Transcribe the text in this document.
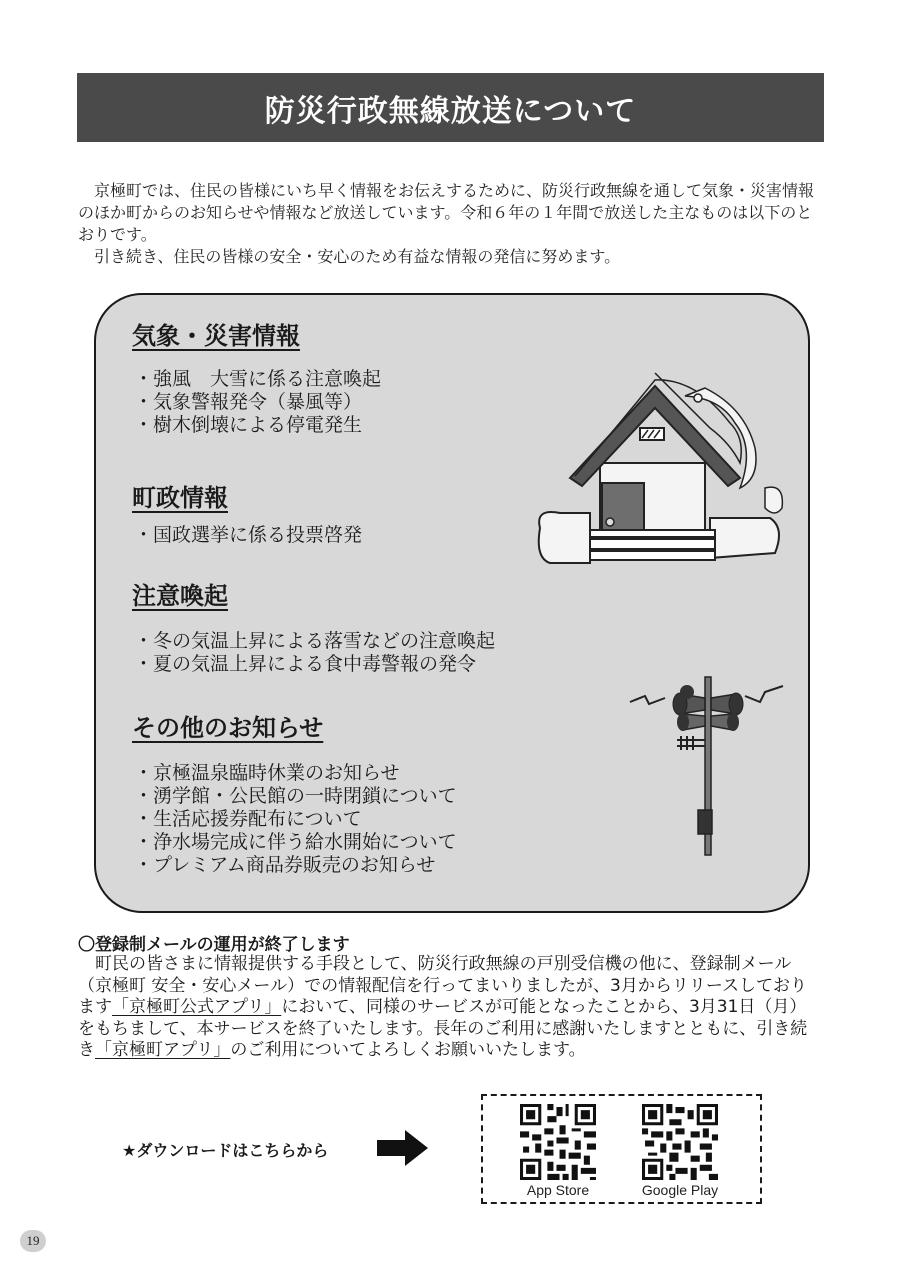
防災行政無線放送について

京極町では、住民の皆様にいち早く情報をお伝えするために、防災行政無線を通して気象・災害情報のほか町からのお知らせや情報など放送しています。令和６年の１年間で放送した主なものは以下のとおりです。

引き続き、住民の皆様の安全・安心のため有益な情報の発信に努めます。

気象・災害情報
・ 強風　大雪に係る注意喚起
・ 気象警報発令（暴風等）
・ 樹木倒壊による停電発生
町政情報
・ 国政選挙に係る投票啓発
注意喚起
・ 冬の気温上昇による落雪などの注意喚起
・ 夏の気温上昇による食中毒警報の発令
その他のお知らせ
・ 京極温泉臨時休業のお知らせ
・ 湧学館・公民館の一時閉鎖について
・ 生活応援券配布について
・ 浄水場完成に伴う給水開始について
・ プレミアム商品券販売のお知らせ
〇登録制メールの運用が終了します

町民の皆さまに情報提供する手段として、防災行政無線の戸別受信機の他に、登録制メール（京極町 安全・安心メール）での情報配信を行ってまいりましたが、3月からリリースしております「京極町公式アプリ」において、同様のサービスが可能となったことから、3月31日（月）をもちまして、本サービスを終了いたします。長年のご利用に感謝いたしますとともに、引き続き「京極町アプリ」のご利用についてよろしくお願いいたします。

★ダウンロードはこちらから
App Store	Google Play
19
